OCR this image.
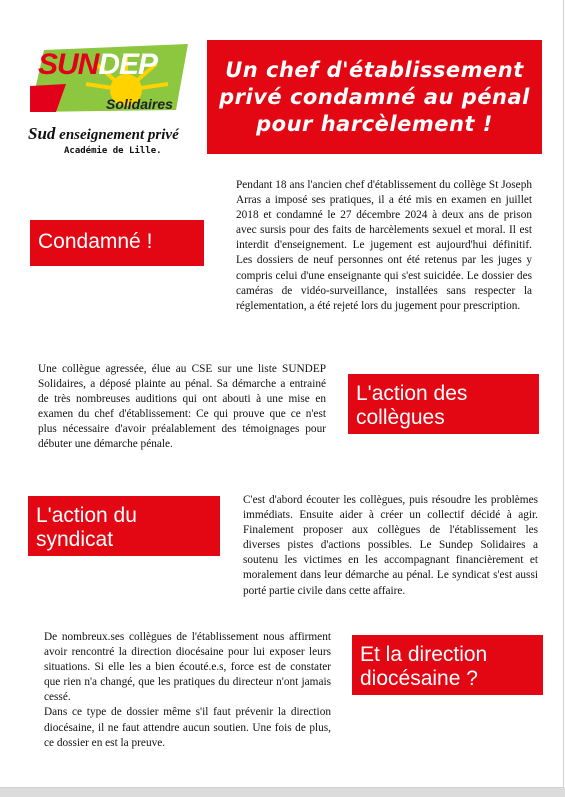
SUNDEP
Solidaires
Sud enseignement privé
Académie de Lille.
Un chef d'établissement
privé condamné au pénal
pour harcèlement !
Condamné !

Pendant 18 ans l'ancien chef d'établissement du collège St Joseph Arras a imposé ses pratiques, il a été mis en examen en juillet 2018 et condamné le 27 décembre 2024 à deux ans de prison avec sursis pour des faits de harcèlements sexuel et moral. Il est interdit d'enseignement. Le jugement est aujourd'hui définitif. Les dossiers de neuf personnes ont été retenus par les juges y compris celui d'une enseignante qui s'est suicidée. Le dossier des caméras de vidéo-surveillance, installées sans respecter la réglementation, a été rejeté lors du jugement pour prescription.

Une collègue agressée, élue au CSE sur une liste SUNDEP Solidaires, a déposé plainte au pénal. Sa démarche a entrainé de très nombreuses auditions qui ont abouti à une mise en examen du chef d'établissement: Ce qui prouve que ce n'est plus nécessaire d'avoir préalablement des témoignages pour débuter une démarche pénale.

L'action des collègues
L'action du syndicat

C'est d'abord écouter les collègues, puis résoudre les problèmes immédiats. Ensuite aider à créer un collectif décidé à agir. Finalement proposer aux collègues de l'établissement les diverses pistes d'actions possibles. Le Sundep Solidaires a soutenu les victimes en les accompagnant financièrement et moralement dans leur démarche au pénal. Le syndicat s'est aussi porté partie civile dans cette affaire.

De nombreux.ses collègues de l'établissement nous affirment avoir rencontré la direction diocésaine pour lui exposer leurs situations. Si elle les a bien écouté.e.s, force est de constater que rien n'a changé, que les pratiques du directeur n'ont jamais cessé.
Dans ce type de dossier même s'il faut prévenir la direction diocésaine, il ne faut attendre aucun soutien. Une fois de plus, ce dossier en est la preuve.

Et la direction diocésaine ?
